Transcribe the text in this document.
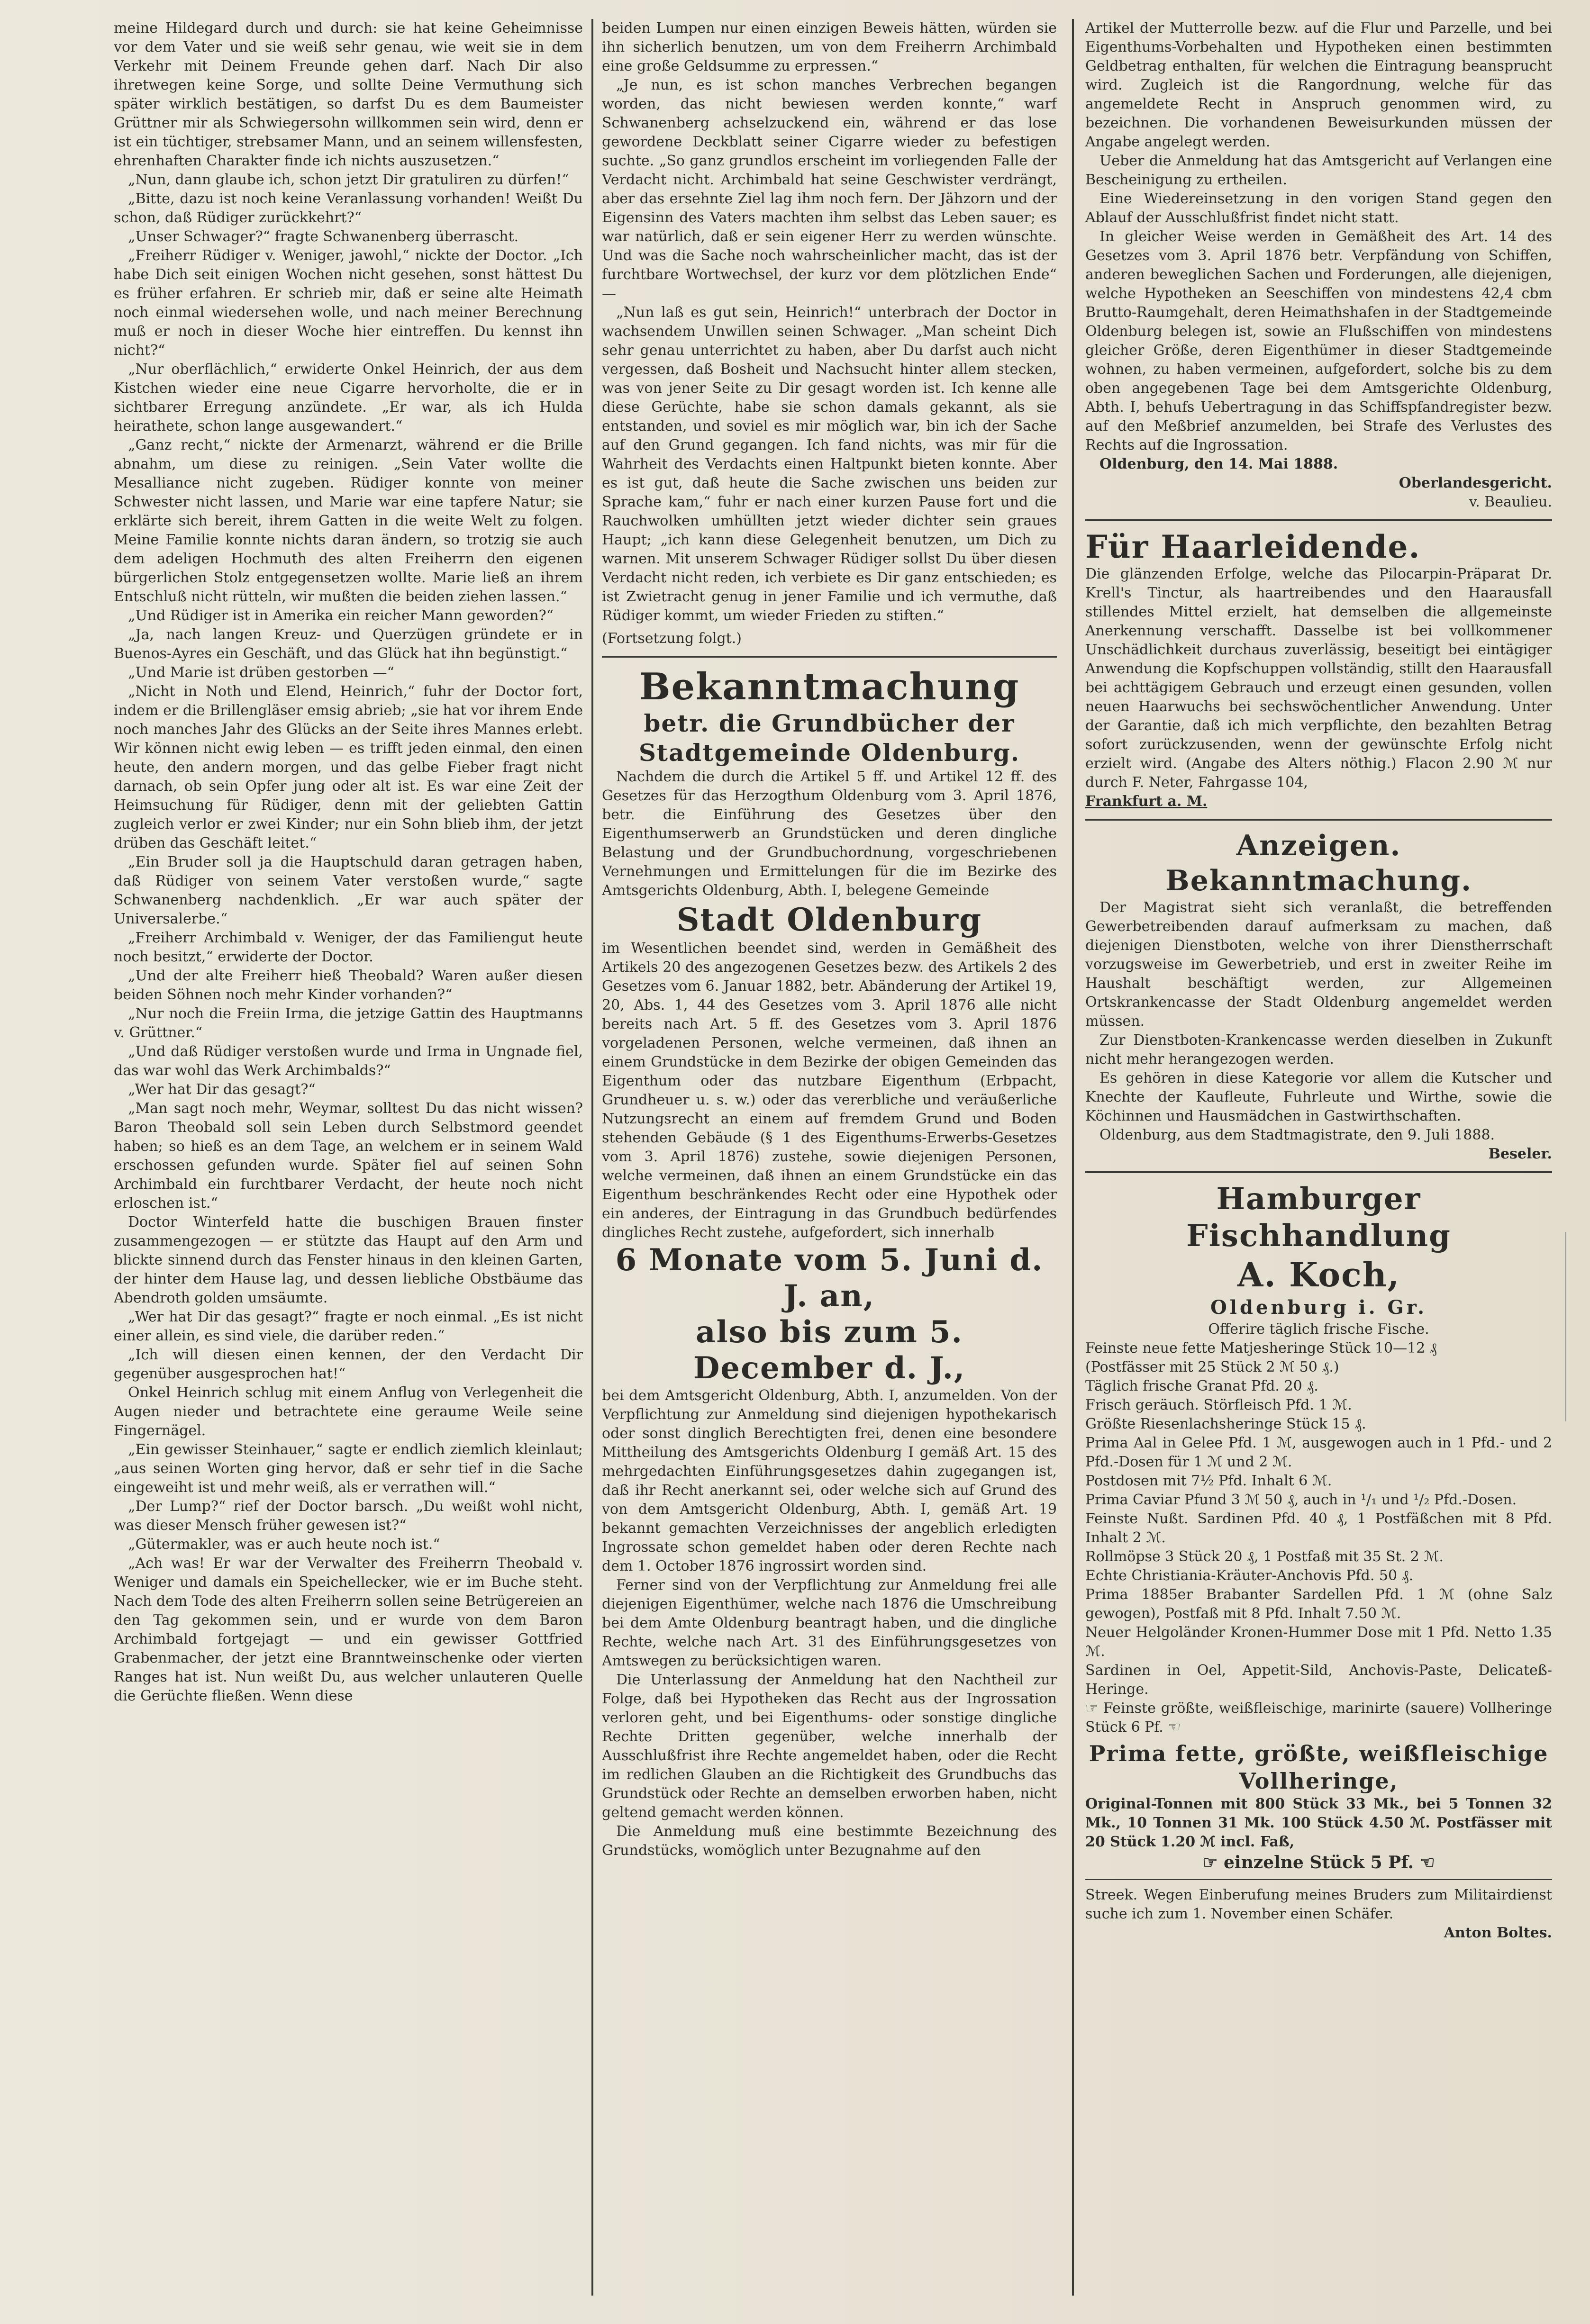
meine Hildegard durch und durch: sie hat keine Geheimnisse vor dem Vater und sie weiß sehr genau, wie weit sie in dem Verkehr mit Deinem Freunde gehen darf. Nach Dir also ihretwegen keine Sorge, und sollte Deine Vermuthung sich später wirklich bestätigen, so darfst Du es dem Baumeister Grüttner mir als Schwiegersohn willkommen sein wird, denn er ist ein tüchtiger, strebsamer Mann, und an seinem willensfesten, ehrenhaften Charakter finde ich nichts auszusetzen.“

„Nun, dann glaube ich, schon jetzt Dir gratuliren zu dürfen!“

„Bitte, dazu ist noch keine Veranlassung vorhanden! Weißt Du schon, daß Rüdiger zurückkehrt?“

„Unser Schwager?“ fragte Schwanenberg überrascht.

„Freiherr Rüdiger v. Weniger, jawohl,“ nickte der Doctor. „Ich habe Dich seit einigen Wochen nicht gesehen, sonst hättest Du es früher erfahren. Er schrieb mir, daß er seine alte Heimath noch einmal wiedersehen wolle, und nach meiner Berechnung muß er noch in dieser Woche hier eintreffen. Du kennst ihn nicht?“

„Nur oberflächlich,“ erwiderte Onkel Heinrich, der aus dem Kistchen wieder eine neue Cigarre hervorholte, die er in sichtbarer Erregung anzündete. „Er war, als ich Hulda heirathete, schon lange ausgewandert.“

„Ganz recht,“ nickte der Armenarzt, während er die Brille abnahm, um diese zu reinigen. „Sein Vater wollte die Mesalliance nicht zugeben. Rüdiger konnte von meiner Schwester nicht lassen, und Marie war eine tapfere Natur; sie erklärte sich bereit, ihrem Gatten in die weite Welt zu folgen. Meine Familie konnte nichts daran ändern, so trotzig sie auch dem adeligen Hochmuth des alten Freiherrn den eigenen bürgerlichen Stolz entgegensetzen wollte. Marie ließ an ihrem Entschluß nicht rütteln, wir mußten die beiden ziehen lassen.“

„Und Rüdiger ist in Amerika ein reicher Mann geworden?“

„Ja, nach langen Kreuz- und Querzügen gründete er in Buenos-Ayres ein Geschäft, und das Glück hat ihn begünstigt.“

„Und Marie ist drüben gestorben —“

„Nicht in Noth und Elend, Heinrich,“ fuhr der Doctor fort, indem er die Brillengläser emsig abrieb; „sie hat vor ihrem Ende noch manches Jahr des Glücks an der Seite ihres Mannes erlebt. Wir können nicht ewig leben — es trifft jeden einmal, den einen heute, den andern morgen, und das gelbe Fieber fragt nicht darnach, ob sein Opfer jung oder alt ist. Es war eine Zeit der Heimsuchung für Rüdiger, denn mit der geliebten Gattin zugleich verlor er zwei Kinder; nur ein Sohn blieb ihm, der jetzt drüben das Geschäft leitet.“

„Ein Bruder soll ja die Hauptschuld daran getragen haben, daß Rüdiger von seinem Vater verstoßen wurde,“ sagte Schwanenberg nachdenklich. „Er war auch später der Universalerbe.“

„Freiherr Archimbald v. Weniger, der das Familiengut heute noch besitzt,“ erwiderte der Doctor.

„Und der alte Freiherr hieß Theobald? Waren außer diesen beiden Söhnen noch mehr Kinder vorhanden?“

„Nur noch die Freiin Irma, die jetzige Gattin des Hauptmanns v. Grüttner.“

„Und daß Rüdiger verstoßen wurde und Irma in Ungnade fiel, das war wohl das Werk Archimbalds?“

„Wer hat Dir das gesagt?“

„Man sagt noch mehr, Weymar, solltest Du das nicht wissen? Baron Theobald soll sein Leben durch Selbstmord geendet haben; so hieß es an dem Tage, an welchem er in seinem Wald erschossen gefunden wurde. Später fiel auf seinen Sohn Archimbald ein furchtbarer Verdacht, der heute noch nicht erloschen ist.“

Doctor Winterfeld hatte die buschigen Brauen finster zusammengezogen — er stützte das Haupt auf den Arm und blickte sinnend durch das Fenster hinaus in den kleinen Garten, der hinter dem Hause lag, und dessen liebliche Obstbäume das Abendroth golden umsäumte.

„Wer hat Dir das gesagt?“ fragte er noch einmal. „Es ist nicht einer allein, es sind viele, die darüber reden.“

„Ich will diesen einen kennen, der den Verdacht Dir gegenüber ausgesprochen hat!“

Onkel Heinrich schlug mit einem Anflug von Verlegenheit die Augen nieder und betrachtete eine geraume Weile seine Fingernägel.

„Ein gewisser Steinhauer,“ sagte er endlich ziemlich kleinlaut; „aus seinen Worten ging hervor, daß er sehr tief in die Sache eingeweiht ist und mehr weiß, als er verrathen will.“

„Der Lump?“ rief der Doctor barsch. „Du weißt wohl nicht, was dieser Mensch früher gewesen ist?“

„Gütermakler, was er auch heute noch ist.“

„Ach was! Er war der Verwalter des Freiherrn Theobald v. Weniger und damals ein Speichellecker, wie er im Buche steht. Nach dem Tode des alten Freiherrn sollen seine Betrügereien an den Tag gekommen sein, und er wurde von dem Baron Archimbald fortgejagt — und ein gewisser Gottfried Grabenmacher, der jetzt eine Branntweinschenke oder vierten Ranges hat ist. Nun weißt Du, aus welcher unlauteren Quelle die Gerüchte fließen. Wenn diese

beiden Lumpen nur einen einzigen Beweis hätten, würden sie ihn sicherlich benutzen, um von dem Freiherrn Archimbald eine große Geldsumme zu erpressen.“

„Je nun, es ist schon manches Verbrechen begangen worden, das nicht bewiesen werden konnte,“ warf Schwanenberg achselzuckend ein, während er das lose gewordene Deckblatt seiner Cigarre wieder zu befestigen suchte. „So ganz grundlos erscheint im vorliegenden Falle der Verdacht nicht. Archimbald hat seine Geschwister verdrängt, aber das ersehnte Ziel lag ihm noch fern. Der Jähzorn und der Eigensinn des Vaters machten ihm selbst das Leben sauer; es war natürlich, daß er sein eigener Herr zu werden wünschte. Und was die Sache noch wahrscheinlicher macht, das ist der furchtbare Wortwechsel, der kurz vor dem plötzlichen Ende“ —

„Nun laß es gut sein, Heinrich!“ unterbrach der Doctor in wachsendem Unwillen seinen Schwager. „Man scheint Dich sehr genau unterrichtet zu haben, aber Du darfst auch nicht vergessen, daß Bosheit und Nachsucht hinter allem stecken, was von jener Seite zu Dir gesagt worden ist. Ich kenne alle diese Gerüchte, habe sie schon damals gekannt, als sie entstanden, und soviel es mir möglich war, bin ich der Sache auf den Grund gegangen. Ich fand nichts, was mir für die Wahrheit des Verdachts einen Haltpunkt bieten konnte. Aber es ist gut, daß heute die Sache zwischen uns beiden zur Sprache kam,“ fuhr er nach einer kurzen Pause fort und die Rauchwolken umhüllten jetzt wieder dichter sein graues Haupt; „ich kann diese Gelegenheit benutzen, um Dich zu warnen. Mit unserem Schwager Rüdiger sollst Du über diesen Verdacht nicht reden, ich verbiete es Dir ganz entschieden; es ist Zwietracht genug in jener Familie und ich vermuthe, daß Rüdiger kommt, um wieder Frieden zu stiften.“

(Fortsetzung folgt.)

Bekanntmachung
betr. die Grundbücher der Stadtgemeinde Oldenburg.

Nachdem die durch die Artikel 5 ff. und Artikel 12 ff. des Gesetzes für das Herzogthum Oldenburg vom 3. April 1876, betr. die Einführung des Gesetzes über den Eigenthumserwerb an Grundstücken und deren dingliche Belastung und der Grundbuchordnung, vorgeschriebenen Vernehmungen und Ermittelungen für die im Bezirke des Amtsgerichts Oldenburg, Abth. I, belegene Gemeinde

Stadt Oldenburg

im Wesentlichen beendet sind, werden in Gemäßheit des Artikels 20 des angezogenen Gesetzes bezw. des Artikels 2 des Gesetzes vom 6. Januar 1882, betr. Abänderung der Artikel 19, 20, Abs. 1, 44 des Gesetzes vom 3. April 1876 alle nicht bereits nach Art. 5 ff. des Gesetzes vom 3. April 1876 vorgeladenen Personen, welche vermeinen, daß ihnen an einem Grundstücke in dem Bezirke der obigen Gemeinden das Eigenthum oder das nutzbare Eigenthum (Erbpacht, Grundheuer u. s. w.) oder das vererbliche und veräußerliche Nutzungsrecht an einem auf fremdem Grund und Boden stehenden Gebäude (§ 1 des Eigenthums-Erwerbs-Gesetzes vom 3. April 1876) zustehe, sowie diejenigen Personen, welche vermeinen, daß ihnen an einem Grundstücke ein das Eigenthum beschränkendes Recht oder eine Hypothek oder ein anderes, der Eintragung in das Grundbuch bedürfendes dingliches Recht zustehe, aufgefordert, sich innerhalb

6 Monate vom 5. Juni d. J. an,
also bis zum 5. December d. J.,

bei dem Amtsgericht Oldenburg, Abth. I, anzumelden. Von der Verpflichtung zur Anmeldung sind diejenigen hypothekarisch oder sonst dinglich Berechtigten frei, denen eine besondere Mittheilung des Amtsgerichts Oldenburg I gemäß Art. 15 des mehrgedachten Einführungsgesetzes dahin zugegangen ist, daß ihr Recht anerkannt sei, oder welche sich auf Grund des von dem Amtsgericht Oldenburg, Abth. I, gemäß Art. 19 bekannt gemachten Verzeichnisses der angeblich erledigten Ingrossate schon gemeldet haben oder deren Rechte nach dem 1. October 1876 ingrossirt worden sind.

Ferner sind von der Verpflichtung zur Anmeldung frei alle diejenigen Eigenthümer, welche nach 1876 die Umschreibung bei dem Amte Oldenburg beantragt haben, und die dingliche Rechte, welche nach Art. 31 des Einführungsgesetzes von Amtswegen zu berücksichtigen waren.

Die Unterlassung der Anmeldung hat den Nachtheil zur Folge, daß bei Hypotheken das Recht aus der Ingrossation verloren geht, und bei Eigenthums- oder sonstige dingliche Rechte Dritten gegenüber, welche innerhalb der Ausschlußfrist ihre Rechte angemeldet haben, oder die Recht im redlichen Glauben an die Richtigkeit des Grundbuchs das Grundstück oder Rechte an demselben erworben haben, nicht geltend gemacht werden können.

Die Anmeldung muß eine bestimmte Bezeichnung des Grundstücks, womöglich unter Bezugnahme auf den

Artikel der Mutterrolle bezw. auf die Flur und Parzelle, und bei Eigenthums-Vorbehalten und Hypotheken einen bestimmten Geldbetrag enthalten, für welchen die Eintragung beansprucht wird. Zugleich ist die Rangordnung, welche für das angemeldete Recht in Anspruch genommen wird, zu bezeichnen. Die vorhandenen Beweisurkunden müssen der Angabe angelegt werden.

Ueber die Anmeldung hat das Amtsgericht auf Verlangen eine Bescheinigung zu ertheilen.

Eine Wiedereinsetzung in den vorigen Stand gegen den Ablauf der Ausschlußfrist findet nicht statt.

In gleicher Weise werden in Gemäßheit des Art. 14 des Gesetzes vom 3. April 1876 betr. Verpfändung von Schiffen, anderen beweglichen Sachen und Forderungen, alle diejenigen, welche Hypotheken an Seeschiffen von mindestens 42,4 cbm Brutto-Raumgehalt, deren Heimathshafen in der Stadtgemeinde Oldenburg belegen ist, sowie an Flußschiffen von mindestens gleicher Größe, deren Eigenthümer in dieser Stadtgemeinde wohnen, zu haben vermeinen, aufgefordert, solche bis zu dem oben angegebenen Tage bei dem Amtsgerichte Oldenburg, Abth. I, behufs Uebertragung in das Schiffspfandregister bezw. auf den Meßbrief anzumelden, bei Strafe des Verlustes des Rechts auf die Ingrossation.

Oldenburg, den 14. Mai 1888.

Oberlandesgericht.
v. Beaulieu.
Für Haarleidende.

Die glänzenden Erfolge, welche das Pilocarpin-Präparat Dr. Krell's Tinctur, als haartreibendes und den Haarausfall stillendes Mittel erzielt, hat demselben die allgemeinste Anerkennung verschafft. Dasselbe ist bei vollkommener Unschädlichkeit durchaus zuverlässig, beseitigt bei eintägiger Anwendung die Kopfschuppen vollständig, stillt den Haarausfall bei achttägigem Gebrauch und erzeugt einen gesunden, vollen neuen Haarwuchs bei sechswöchentlicher Anwendung. Unter der Garantie, daß ich mich verpflichte, den bezahlten Betrag sofort zurückzusenden, wenn der gewünschte Erfolg nicht erzielt wird. (Angabe des Alters nöthig.) Flacon 2.90 ℳ nur durch F. Neter, Fahrgasse 104,

Frankfurt a. M.
Anzeigen.
Bekanntmachung.

Der Magistrat sieht sich veranlaßt, die betreffenden Gewerbetreibenden darauf aufmerksam zu machen, daß diejenigen Dienstboten, welche von ihrer Dienstherrschaft vorzugsweise im Gewerbetrieb, und erst in zweiter Reihe im Haushalt beschäftigt werden, zur Allgemeinen Ortskrankencasse der Stadt Oldenburg angemeldet werden müssen.

Zur Dienstboten-Krankencasse werden dieselben in Zukunft nicht mehr herangezogen werden.

Es gehören in diese Kategorie vor allem die Kutscher und Knechte der Kaufleute, Fuhrleute und Wirthe, sowie die Köchinnen und Hausmädchen in Gastwirthschaften.

Oldenburg, aus dem Stadtmagistrate, den 9. Juli 1888.

Beseler.
Hamburger Fischhandlung
A. Koch,
Oldenburg i. Gr.
Offerire täglich frische Fische.

Feinste neue fette Matjesheringe Stück 10—12 ₰

(Postfässer mit 25 Stück 2 ℳ 50 ₰.)

Täglich frische Granat Pfd. 20 ₰.

Frisch geräuch. Störfleisch Pfd. 1 ℳ.

Größte Riesenlachsheringe Stück 15 ₰.

Prima Aal in Gelee Pfd. 1 ℳ, ausgewogen auch in 1 Pfd.- und 2 Pfd.-Dosen für 1 ℳ und 2 ℳ.

Postdosen mit 7½ Pfd. Inhalt 6 ℳ.

Prima Caviar Pfund 3 ℳ 50 ₰, auch in ¹/₁ und ¹/₂ Pfd.-Dosen.

Feinste Nußt. Sardinen Pfd. 40 ₰, 1 Postfäßchen mit 8 Pfd. Inhalt 2 ℳ.

Rollmöpse 3 Stück 20 ₰, 1 Postfaß mit 35 St. 2 ℳ.

Echte Christiania-Kräuter-Anchovis Pfd. 50 ₰.

Prima 1885er Brabanter Sardellen Pfd. 1 ℳ (ohne Salz gewogen), Postfaß mit 8 Pfd. Inhalt 7.50 ℳ.

Neuer Helgoländer Kronen-Hummer Dose mit 1 Pfd. Netto 1.35 ℳ.

Sardinen in Oel, Appetit-Sild, Anchovis-Paste, Delicateß-Heringe.

☞ Feinste größte, weißfleischige, marinirte (sauere) Vollheringe Stück 6 Pf. ☜

Prima fette, größte, weißfleischige Vollheringe,

Original-Tonnen mit 800 Stück 33 Mk., bei 5 Tonnen 32 Mk., 10 Tonnen 31 Mk. 100 Stück 4.50 ℳ. Postfässer mit 20 Stück 1.20 ℳ incl. Faß,

☞ einzelne Stück 5 Pf. ☜

Streek. Wegen Einberufung meines Bruders zum Militairdienst suche ich zum 1. November einen Schäfer.

Anton Boltes.
